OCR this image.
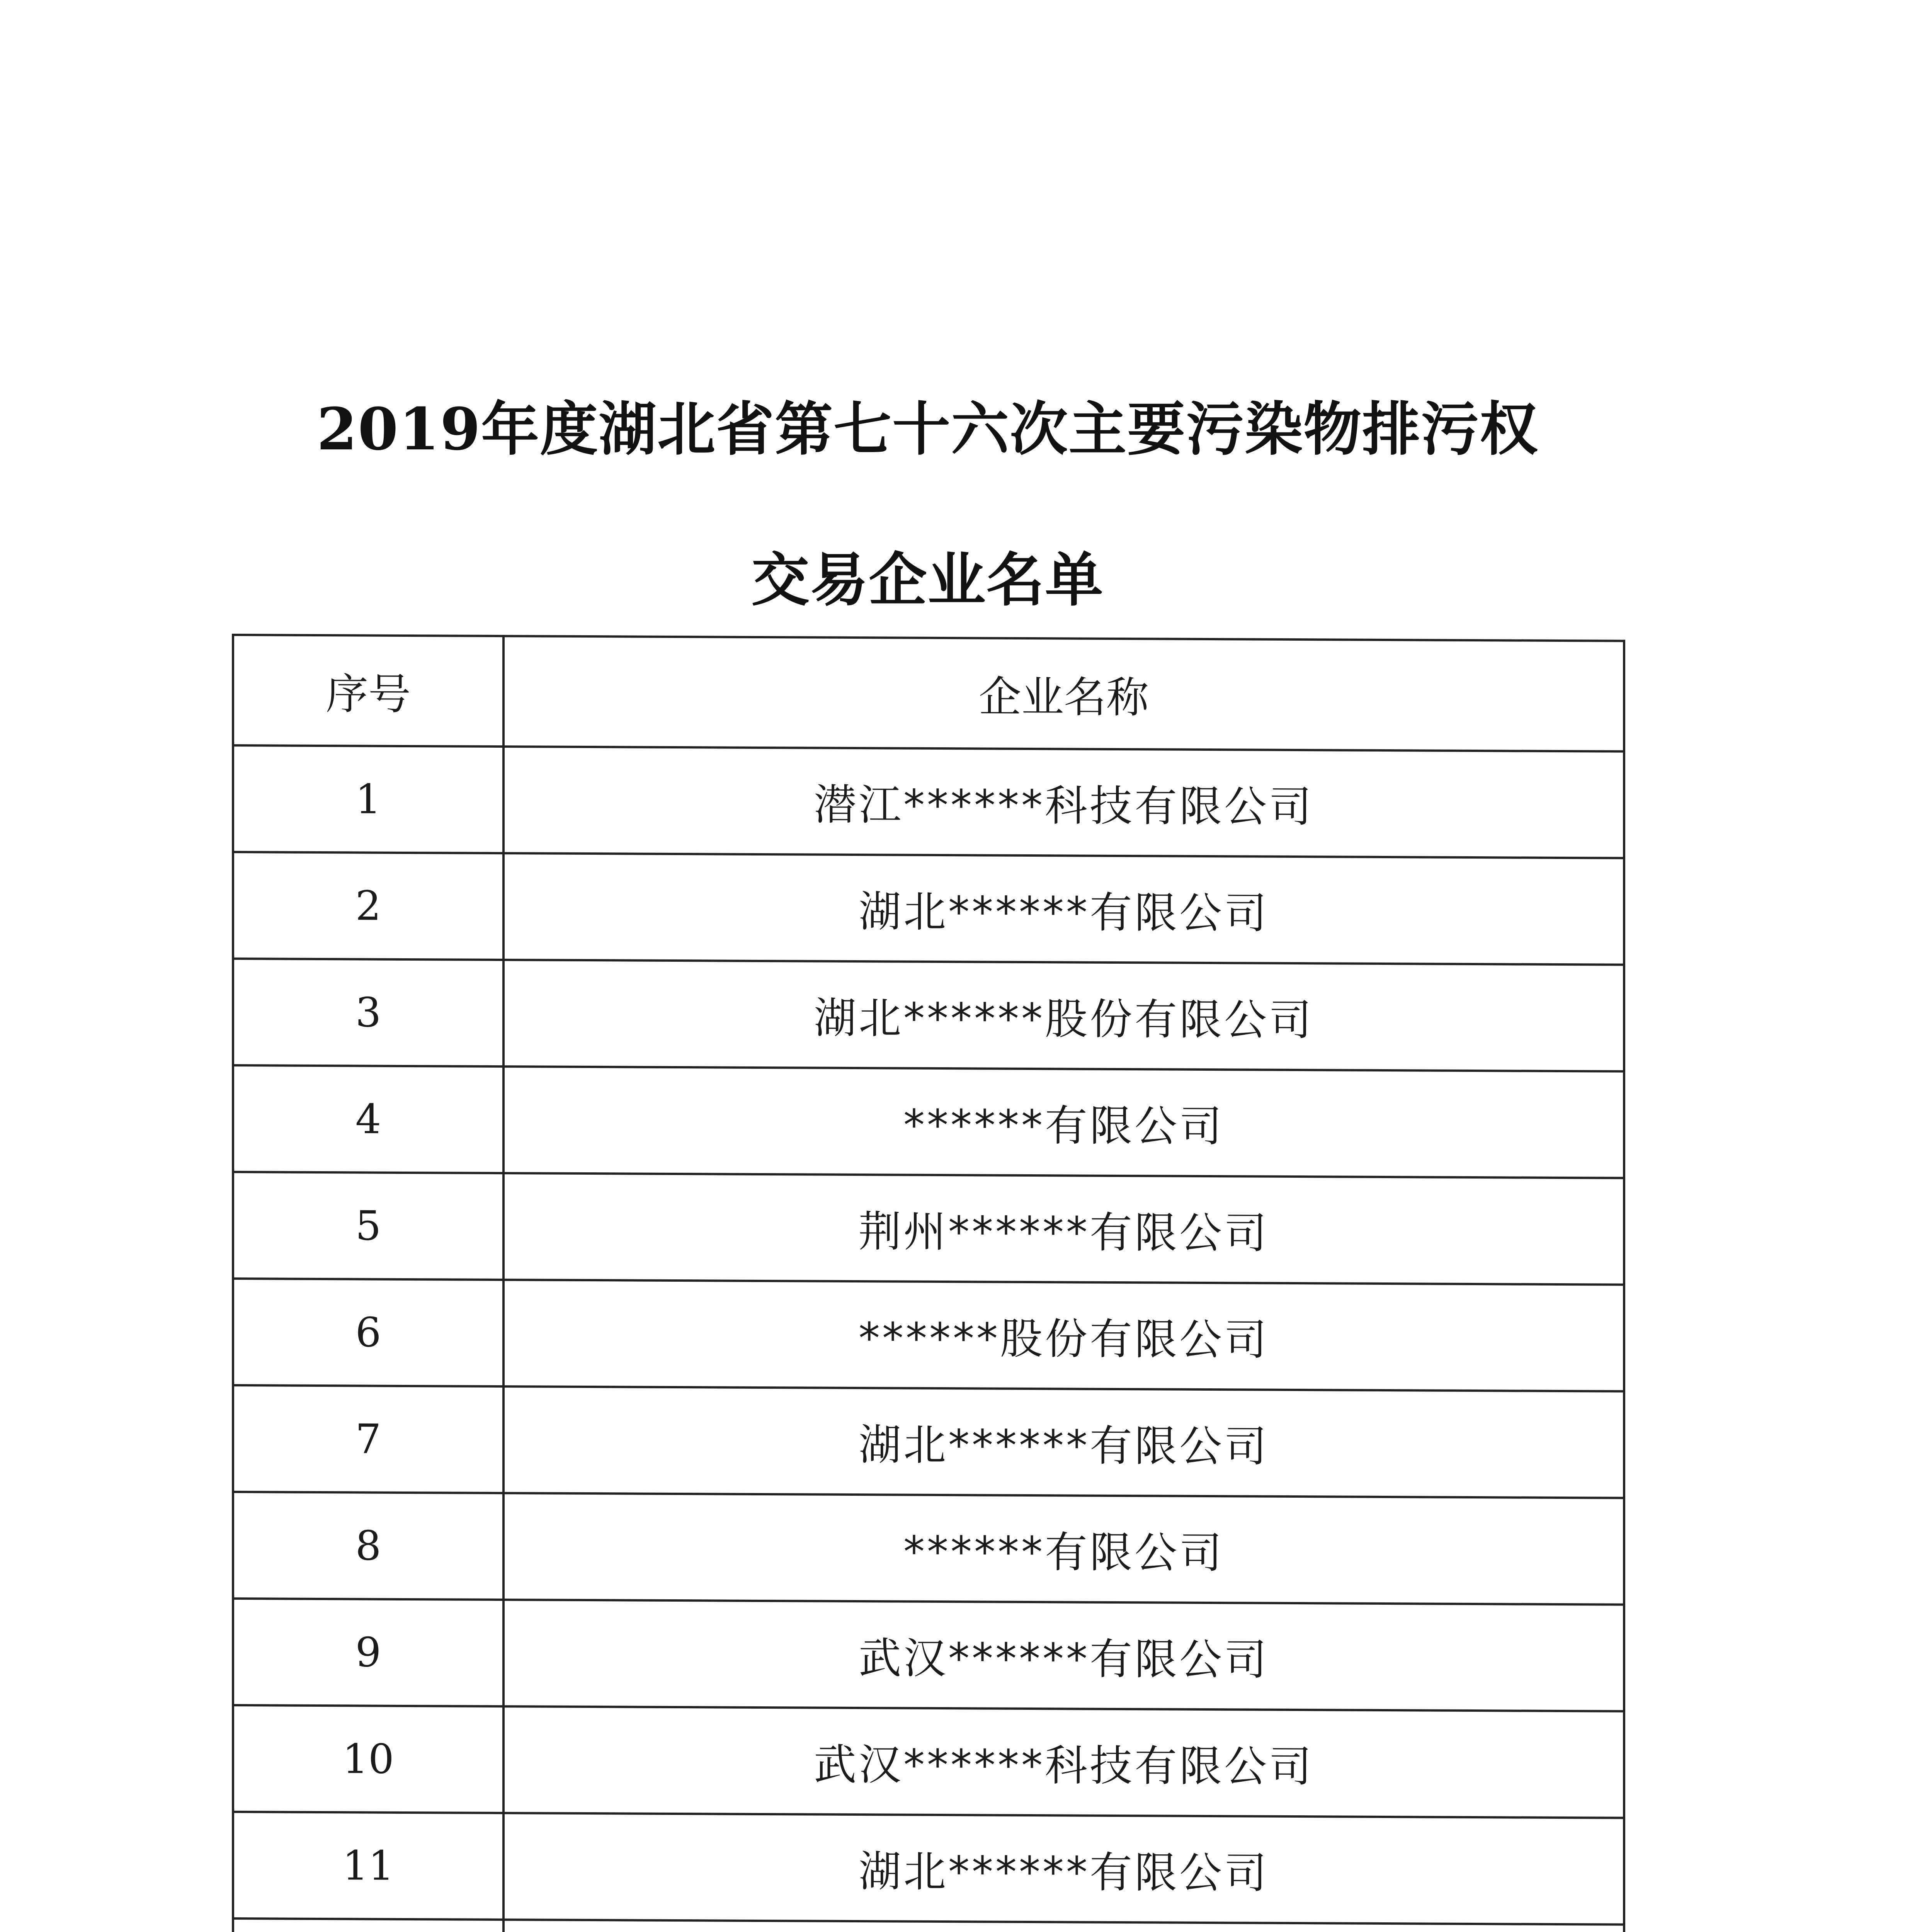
2019年度湖北省第七十六次主要污染物排污权
交易企业名单
序号	企业名称
1	潜江******科技有限公司
2	湖北******有限公司
3	湖北******股份有限公司
4	******有限公司
5	荆州******有限公司
6	******股份有限公司
7	湖北******有限公司
8	******有限公司
9	武汉******有限公司
10	武汉******科技有限公司
11	湖北******有限公司
